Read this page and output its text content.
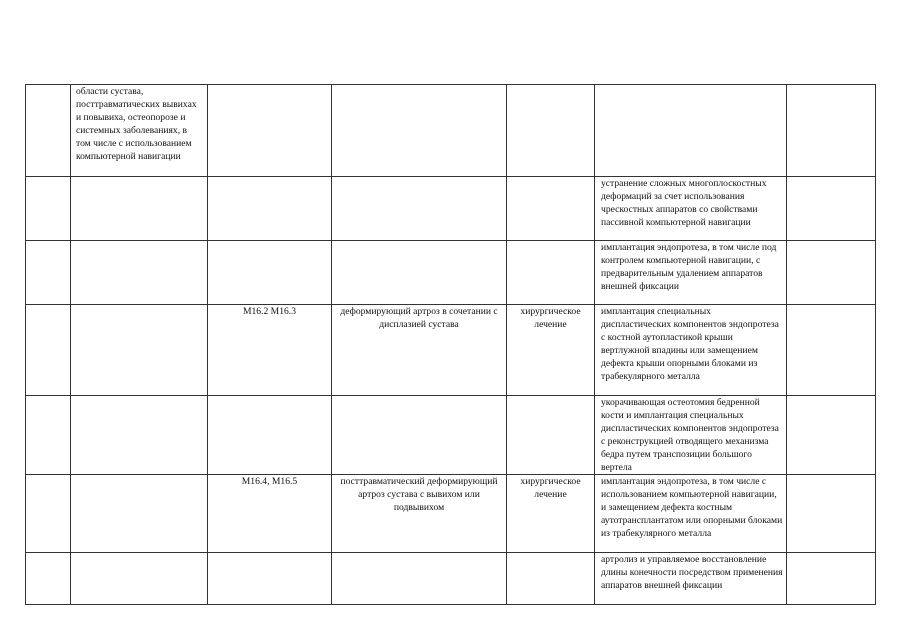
	области сустава, посттравматических вывихах и повывиха, остеопорозе и системных заболеваниях, в том числе с использованием компьютерной навигации					
					устранение сложных многоплоскостных деформаций за счет использования чрескостных аппаратов со свойствами пассивной компьютерной навигации	
					имплантация эндопротеза, в том числе под контролем компьютерной навигации, с предварительным удалением аппаратов внешней фиксации	
		M16.2 M16.3	деформирующий артроз в сочетании с дисплазией сустава	хирургическое лечение	имплантация специальных диспластических компонентов эндопротеза с костной аутопластикой крыши вертлужной впадины или замещением дефекта крыши опорными блоками из трабекулярного металла	
					укорачивающая остеотомия бедренной кости и имплантация специальных диспластических компонентов эндопротеза с реконструкцией отводящего механизма бедра путем транспозиции большого вертела	
		M16.4, M16.5	посттравматический деформирующий артроз сустава с вывихом или подвывихом	хирургическое лечение	имплантация эндопротеза, в том числе с использованием компьютерной навигации, и замещением дефекта костным аутотрансплантатом или опорными блоками из трабекулярного металла	
					артролиз и управляемое восстановление длины конечности посредством применения аппаратов внешней фиксации	
